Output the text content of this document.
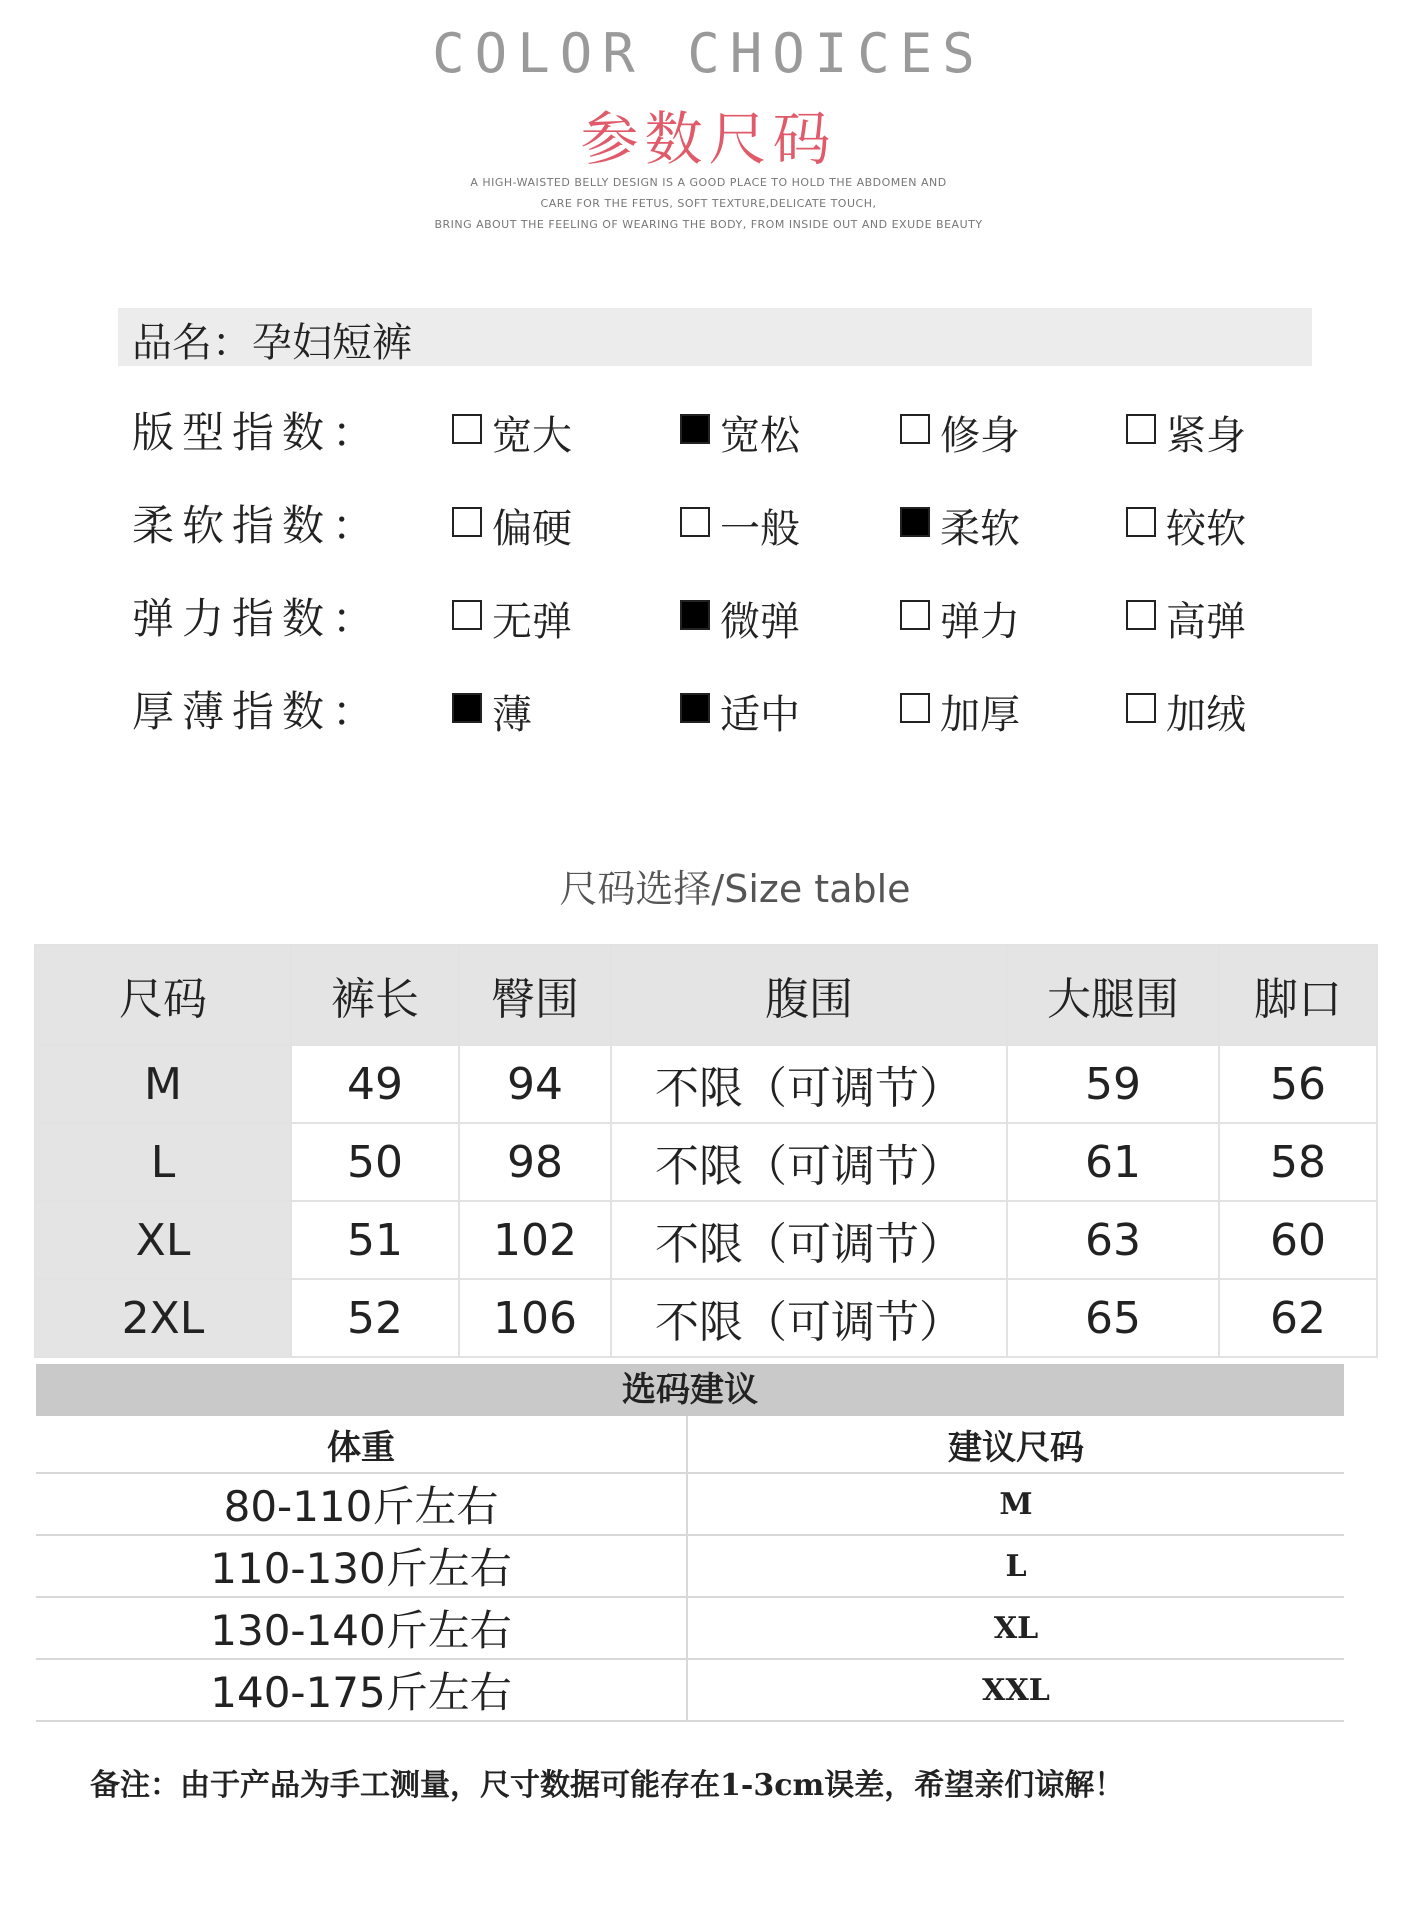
COLOR CHOICES
参数尺码
A HIGH-WAISTED BELLY DESIGN IS A GOOD PLACE TO HOLD THE ABDOMEN AND
CARE FOR THE FETUS, SOFT TEXTURE,DELICATE TOUCH,
BRING ABOUT THE FEELING OF WEARING THE BODY, FROM INSIDE OUT AND EXUDE BEAUTY
品名：孕妇短裤
版型指数：	宽大	宽松	修身	紧身
柔软指数：	偏硬	一般	柔软	较软
弹力指数：	无弹	微弹	弹力	高弹
厚薄指数：	薄	适中	加厚	加绒
尺码选择/Size table
尺码	裤长	臀围	腹围	大腿围	脚口
M	49	94	不限（可调节）	59	56
L	50	98	不限（可调节）	61	58
XL	51	102	不限（可调节）	63	60
2XL	52	106	不限（可调节）	65	62
选码建议
体重	建议尺码
80-110斤左右	M
110-130斤左右	L
130-140斤左右	XL
140-175斤左右	XXL
备注：由于产品为手工测量，尺寸数据可能存在1-3cm误差，希望亲们谅解！
